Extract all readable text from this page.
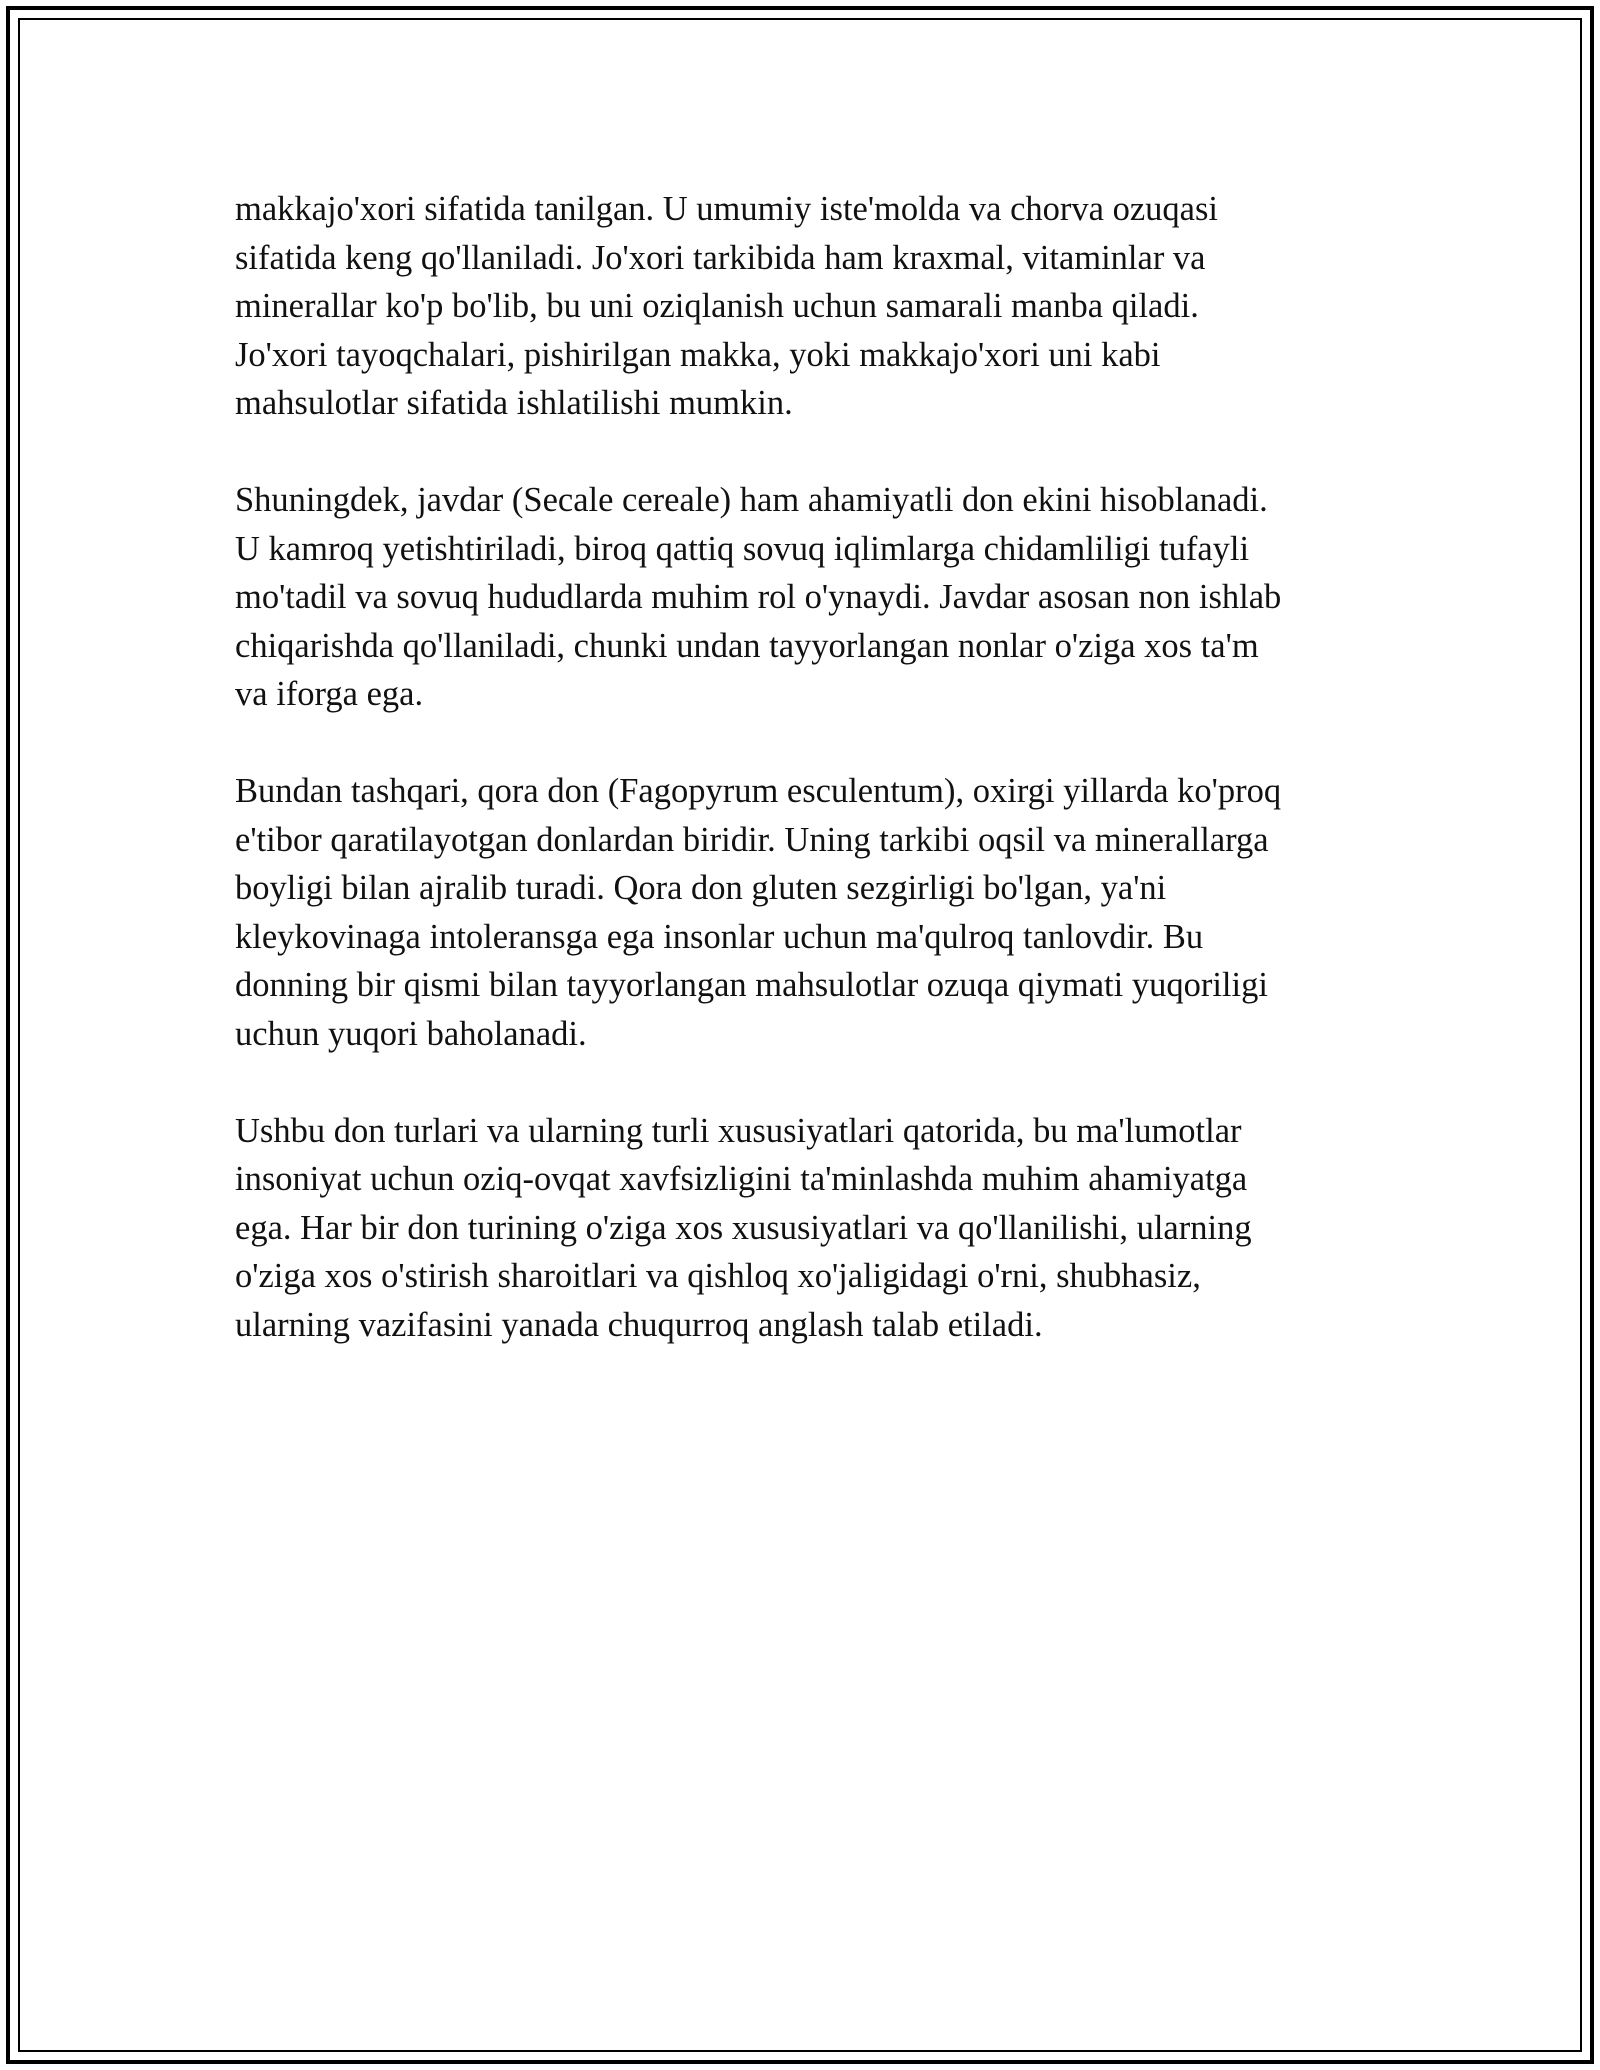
makkajo'xori sifatida tanilgan. U umumiy iste'molda va chorva ozuqasi
sifatida keng qo'llaniladi. Jo'xori tarkibida ham kraxmal, vitaminlar va
minerallar ko'p bo'lib, bu uni oziqlanish uchun samarali manba qiladi.
Jo'xori tayoqchalari, pishirilgan makka, yoki makkajo'xori uni kabi
mahsulotlar sifatida ishlatilishi mumkin.

Shuningdek, javdar (Secale cereale) ham ahamiyatli don ekini hisoblanadi.
U kamroq yetishtiriladi, biroq qattiq sovuq iqlimlarga chidamliligi tufayli
mo'tadil va sovuq hududlarda muhim rol o'ynaydi. Javdar asosan non ishlab
chiqarishda qo'llaniladi, chunki undan tayyorlangan nonlar o'ziga xos ta'm
va iforga ega.

Bundan tashqari, qora don (Fagopyrum esculentum), oxirgi yillarda ko'proq
e'tibor qaratilayotgan donlardan biridir. Uning tarkibi oqsil va minerallarga
boyligi bilan ajralib turadi. Qora don gluten sezgirligi bo'lgan, ya'ni
kleykovinaga intoleransga ega insonlar uchun ma'qulroq tanlovdir. Bu
donning bir qismi bilan tayyorlangan mahsulotlar ozuqa qiymati yuqoriligi
uchun yuqori baholanadi.

Ushbu don turlari va ularning turli xususiyatlari qatorida, bu ma'lumotlar
insoniyat uchun oziq-ovqat xavfsizligini ta'minlashda muhim ahamiyatga
ega. Har bir don turining o'ziga xos xususiyatlari va qo'llanilishi, ularning
o'ziga xos o'stirish sharoitlari va qishloq xo'jaligidagi o'rni, shubhasiz,
ularning vazifasini yanada chuqurroq anglash talab etiladi.
